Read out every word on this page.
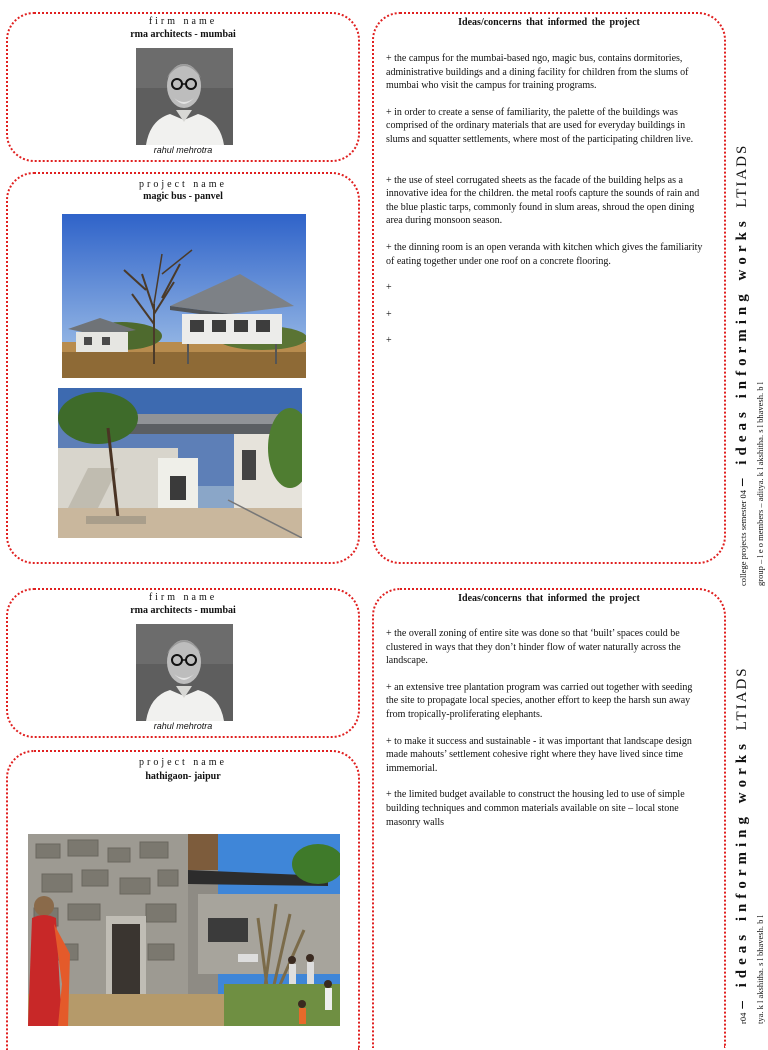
firm name
rma architects - mumbai
rahul mehrotra
project name
magic bus - panvel
Ideas/concerns that informed the project
+ the campus for the mumbai-based ngo, magic bus, contains dormitories, administrative buildings and a dining facility for children from the slums of mumbai who visit the campus for training programs.
+ in order to create a sense of familiarity, the palette of the buildings was comprised of the ordinary materials that are used for everyday buildings in slums and squatter settlements, where most of the participating children live.
+ the use of steel corrugated sheets as the facade of the building helps as a innovative idea for the children. the metal roofs capture the sounds of rain and the blue plastic tarps, commonly found in slum areas, shroud the open dining area during monsoon season.
+ the dinning room is an open veranda with kitchen which gives the familiarity of eating together under one roof on a concrete flooring.
+
+
+
college projects semester 04 – ideas informing works LTIADS
group – l e o members – aditya. k l akshitha. s l bhavesh. b l
firm name
rma architects - mumbai
rahul mehrotra
project name
hathigaon- jaipur
Ideas/concerns that informed the project
+ the overall zoning of entire site was done so that ‘built’ spaces could be clustered in ways that they don’t hinder flow of water naturally across the landscape.
+ an extensive tree plantation program was carried out together with seeding the site to propagate local species, another effort to keep the harsh sun away from tropically-proliferating elephants.
+ to make it success and sustainable - it was important that landscape design made mahouts’ settlement cohesive right where they have lived since time immemorial.
+ the limited budget available to construct the housing led to use of simple building techniques and common materials available on site – local stone masonry walls
r04 – ideas informing works LTIADS
tya. k l akshitha. s l bhavesh. b l
